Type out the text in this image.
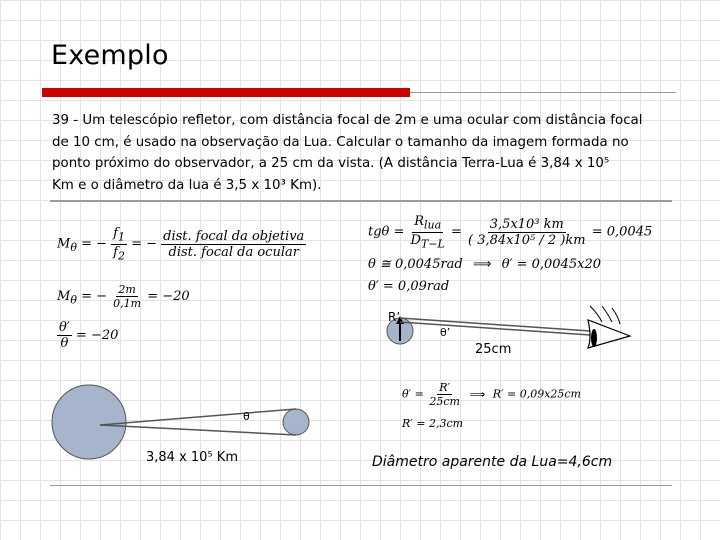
Exemplo
39 - Um telescópio refletor, com distância focal de 2m e uma ocular com distância focal
de 10 cm, é usado na observação da Lua. Calcular o tamanho da imagem formada no
ponto próximo do observador, a 25 cm da vista. (A distância Terra-Lua é 3,84 x 10⁵
Km e o diâmetro da lua é 3,5 x 10³ Km).
$M_\theta$ = − $\frac{f_1}{f_2}$ = − $\frac{\text{dist. focal da objetiva}}{\text{dist. focal da ocular}}$
$M_\theta$ = − $\frac{2m}{0,1m} = -20$
$\frac{\theta'}{\theta} = -20$
$tg\theta = \frac{R_{lua}}{D_{T-L}} = \frac{\text{3,5x10³ km}}{\text{( 3,84x10⁵ / 2 )km}} = 0,0045$
θ ≅ 0,0045rad ⟹ θ′ = 0,0045x20
θ′ = 0,09rad
R’
θ’
25cm
θ
3,84 x 10⁵ Km
$\theta' = \frac{R'}{25cm}$ ⟹ R′ = 0,09x25cm
R′ = 2,3cm
Diâmetro aparente da Lua=4,6cm
